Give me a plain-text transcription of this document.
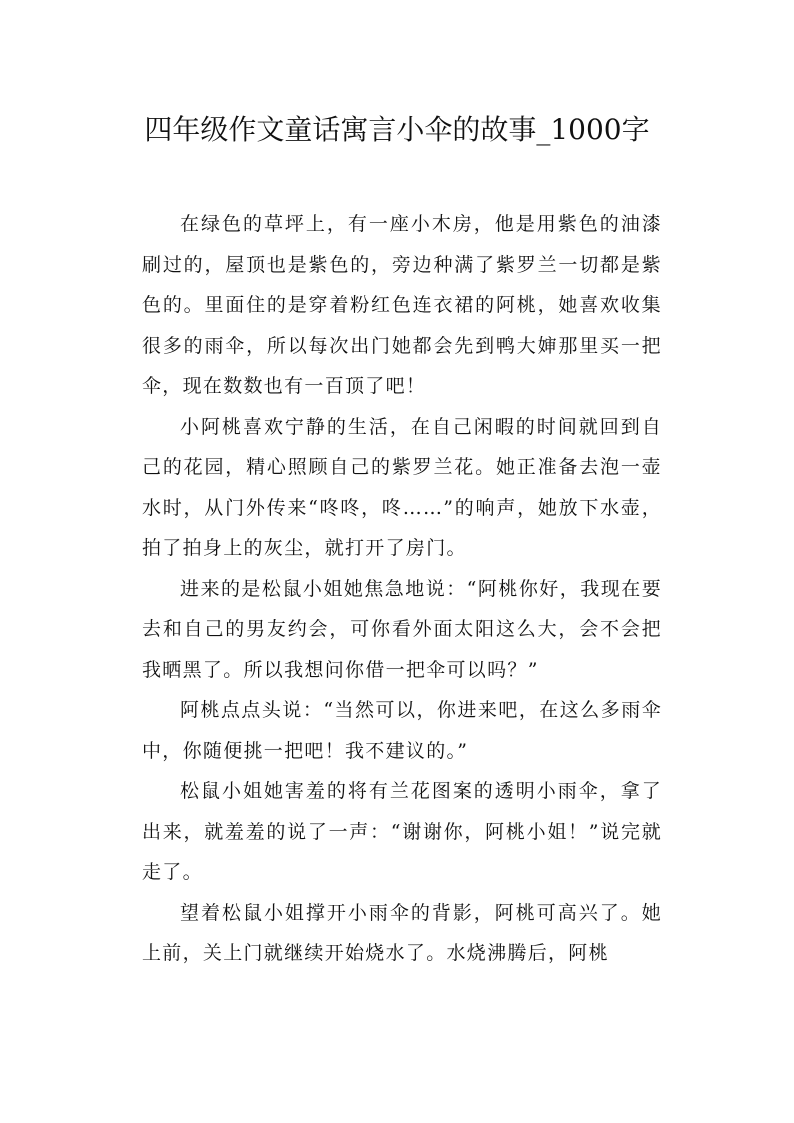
四年级作文童话寓言小伞的故事_1000字

在绿色的草坪上，有一座小木房，他是用紫色的油漆刷过的，屋顶也是紫色的，旁边种满了紫罗兰一切都是紫色的。里面住的是穿着粉红色连衣裙的阿桃，她喜欢收集很多的雨伞，所以每次出门她都会先到鸭大婶那里买一把伞，现在数数也有一百顶了吧！

小阿桃喜欢宁静的生活，在自己闲暇的时间就回到自己的花园，精心照顾自己的紫罗兰花。她正准备去泡一壶水时，从门外传来“咚咚，咚……”的响声，她放下水壶，拍了拍身上的灰尘，就打开了房门。

进来的是松鼠小姐她焦急地说：“阿桃你好，我现在要去和自己的男友约会，可你看外面太阳这么大，会不会把我晒黑了。所以我想问你借一把伞可以吗？”

阿桃点点头说：“当然可以，你进来吧，在这么多雨伞中，你随便挑一把吧！我不建议的。”

松鼠小姐她害羞的将有兰花图案的透明小雨伞，拿了出来，就羞羞的说了一声：“谢谢你，阿桃小姐！”说完就走了。

望着松鼠小姐撑开小雨伞的背影，阿桃可高兴了。她上前，关上门就继续开始烧水了。水烧沸腾后，阿桃
